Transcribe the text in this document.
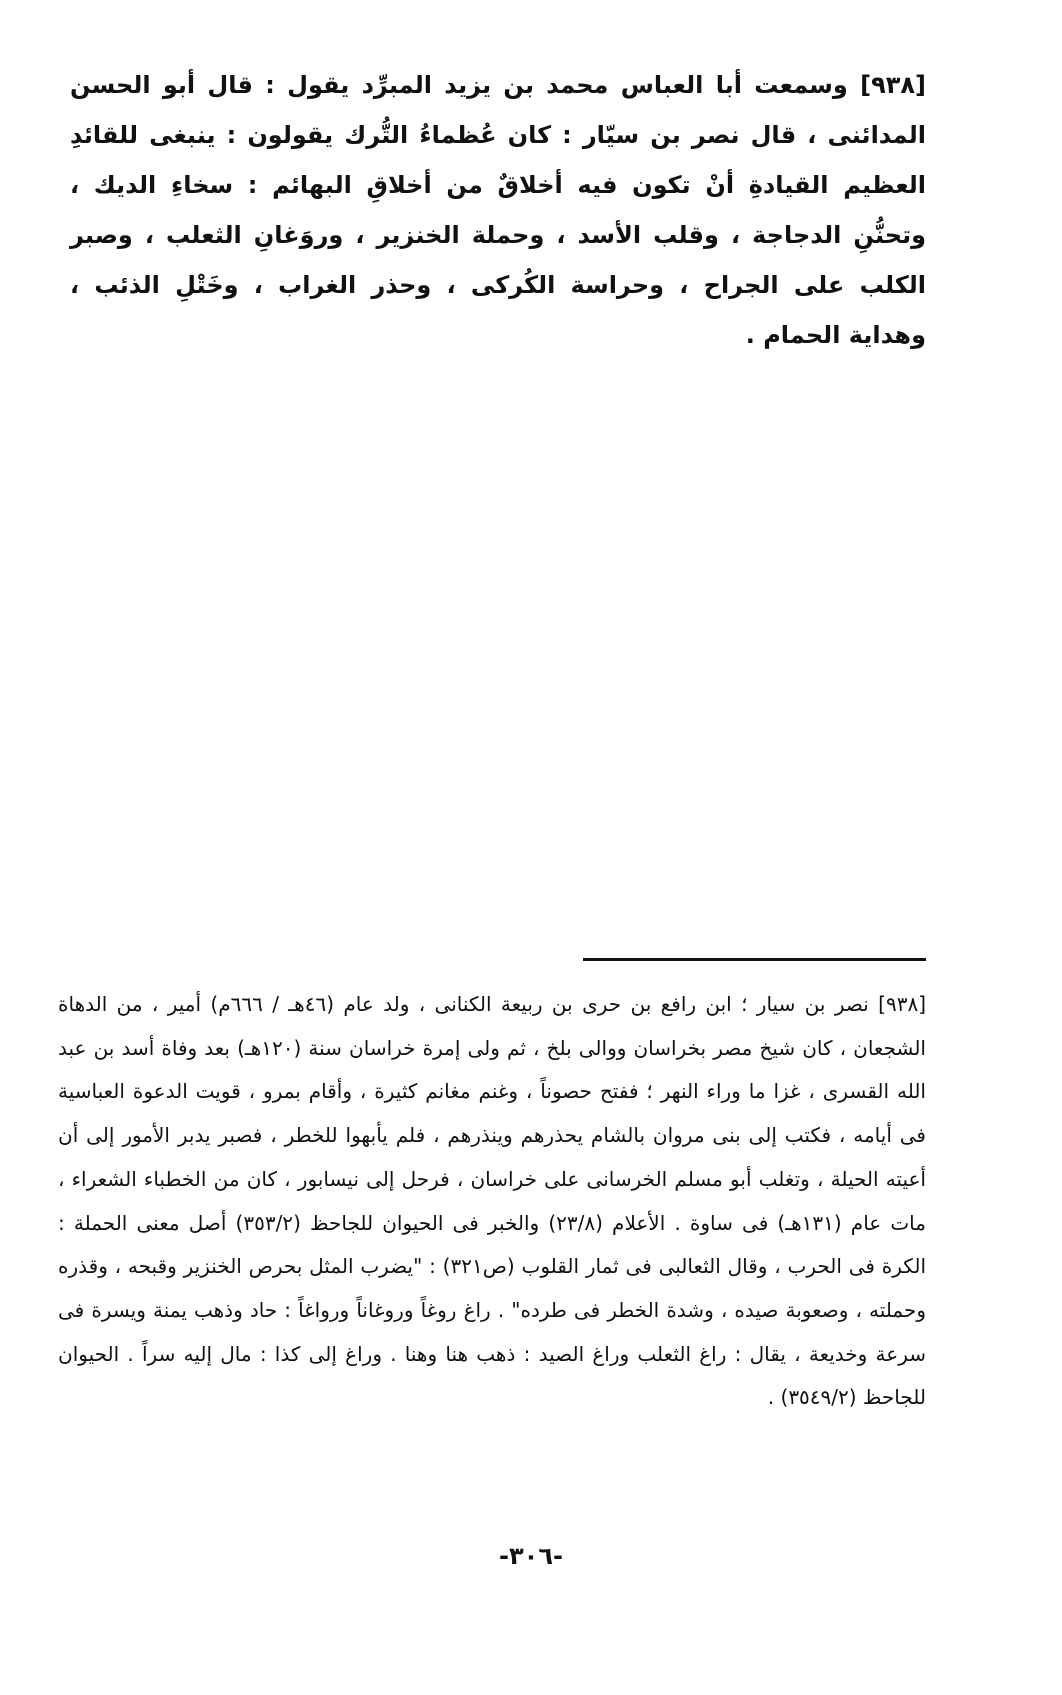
[٩٣٨] وسمعت أبا العباس محمد بن يزيد المبرِّد يقول : قال أبو الحسن المدائنى ، قال نصر بن سيّار : كان عُظماءُ التُّرك يقولون : ينبغى للقائدِ العظيم القيادةِ أنْ تكون فيه أخلاقٌ من أخلاقِ البهائم : سخاءِ الديك ، وتحنُّنِ الدجاجة ، وقلب الأسد ، وحملة الخنزير ، وروَغانِ الثعلب ، وصبر الكلب على الجراح ، وحراسة الكُركى ، وحذر الغراب ، وخَتْلِ الذئب ، وهداية الحمام .

[٩٣٨] نصر بن سيار ؛ ابن رافع بن حرى بن ربيعة الكنانى ، ولد عام (٤٦هـ / ٦٦٦م) أمير ، من الدهاة الشجعان ، كان شيخ مصر بخراسان ووالى بلخ ، ثم ولى إمرة خراسان سنة (١٢٠هـ) بعد وفاة أسد بن عبد الله القسرى ، غزا ما وراء النهر ؛ ففتح حصوناً ، وغنم مغانم كثيرة ، وأقام بمرو ، قويت الدعوة العباسية فى أيامه ، فكتب إلى بنى مروان بالشام يحذرهم وينذرهم ، فلم يأبهوا للخطر ، فصبر يدبر الأمور إلى أن أعيته الحيلة ، وتغلب أبو مسلم الخرسانى على خراسان ، فرحل إلى نيسابور ، كان من الخطباء الشعراء ، مات عام (١٣١هـ) فى ساوة . الأعلام (٢٣/٨) والخبر فى الحيوان للجاحظ (٣٥٣/٢) أصل معنى الحملة : الكرة فى الحرب ، وقال الثعالبى فى ثمار القلوب (ص٣٢١) : "يضرب المثل بحرص الخنزير وقبحه ، وقذره وحملته ، وصعوبة صيده ، وشدة الخطر فى طرده" . راغ روغاً وروغاناً ورواغاً : حاد وذهب يمنة ويسرة فى سرعة وخديعة ، يقال : راغ الثعلب وراغ الصيد : ذهب هنا وهنا . وراغ إلى كذا : مال إليه سراً . الحيوان للجاحظ (٣٥٤٩/٢) .

-٣٠٦-
